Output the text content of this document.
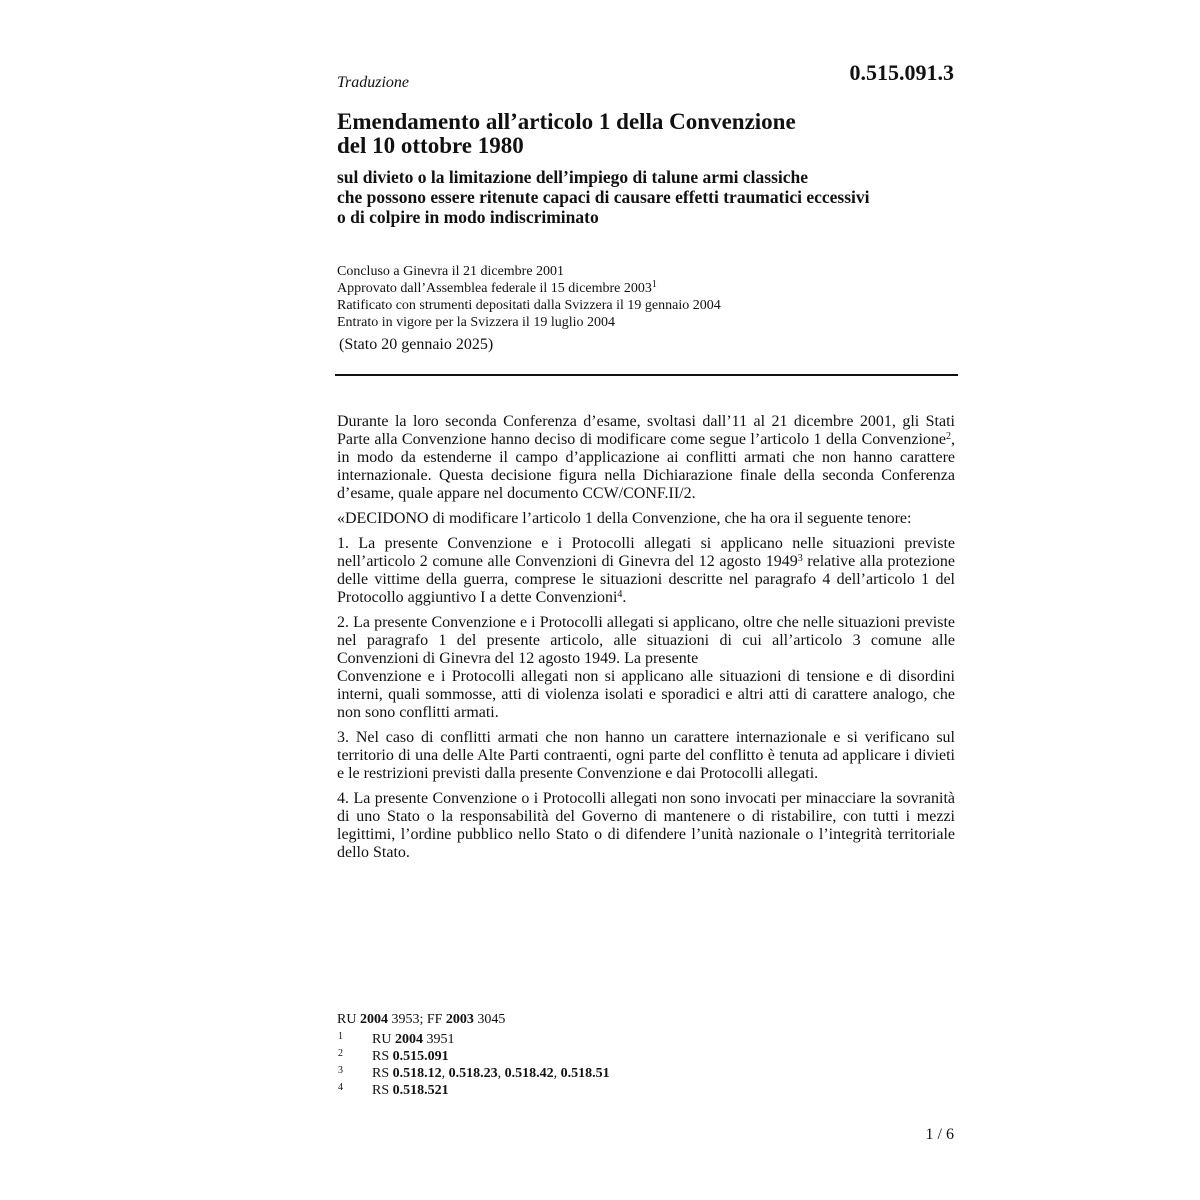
Traduzione	0.515.091.3
Emendamento all’articolo 1 della Convenzione
del 10 ottobre 1980
sul divieto o la limitazione dell’impiego di talune armi classiche
che possono essere ritenute capaci di causare effetti traumatici eccessivi
o di colpire in modo indiscriminato
Concluso a Ginevra il 21 dicembre 2001
Approvato dall’Assemblea federale il 15 dicembre 2003$^1$
Ratificato con strumenti depositati dalla Svizzera il 19 gennaio 2004
Entrato in vigore per la Svizzera il 19 luglio 2004
(Stato 20 gennaio 2025)

Durante la loro seconda Conferenza d’esame, svoltasi dall’11 al 21 dicembre 2001, gli Stati Parte alla Convenzione hanno deciso di modificare come segue l’articolo 1 della Convenzione$^2$, in modo da estenderne il campo d’applicazione ai conflitti armati che non hanno carattere internazionale. Questa decisione figura nella Dichiarazione finale della seconda Conferenza d’esame, quale appare nel documento CCW/CONF.II/2.

«DECIDONO di modificare l’articolo 1 della Convenzione, che ha ora il seguente tenore:

1. La presente Convenzione e i Protocolli allegati si applicano nelle situazioni previste nell’articolo 2 comune alle Convenzioni di Ginevra del 12 agosto 1949$^3$ relative alla protezione delle vittime della guerra, comprese le situazioni descritte nel paragrafo 4 dell’articolo 1 del Protocollo aggiuntivo I a dette Convenzioni$^4$.

2. La presente Convenzione e i Protocolli allegati si applicano, oltre che nelle situazioni previste nel paragrafo 1 del presente articolo, alle situazioni di cui all’articolo 3 comune alle Convenzioni di Ginevra del 12 agosto 1949. La presente
Convenzione e i Protocolli allegati non si applicano alle situazioni di tensione e di disordini interni, quali sommosse, atti di violenza isolati e sporadici e altri atti di carattere analogo, che non sono conflitti armati.

3. Nel caso di conflitti armati che non hanno un carattere internazionale e si verificano sul territorio di una delle Alte Parti contraenti, ogni parte del conflitto è tenuta ad applicare i divieti e le restrizioni previsti dalla presente Convenzione e dai Protocolli allegati.

4. La presente Convenzione o i Protocolli allegati non sono invocati per minacciare la sovranità di uno Stato o la responsabilità del Governo di mantenere o di ristabilire, con tutti i mezzi legittimi, l’ordine pubblico nello Stato o di difendere l’unità nazionale o l’integrità territoriale dello Stato.

RU 2004 3953; FF 2003 3045
1	RU 2004 3951
2	RS 0.515.091
3	RS 0.518.12, 0.518.23, 0.518.42, 0.518.51
4	RS 0.518.521
1 / 6
